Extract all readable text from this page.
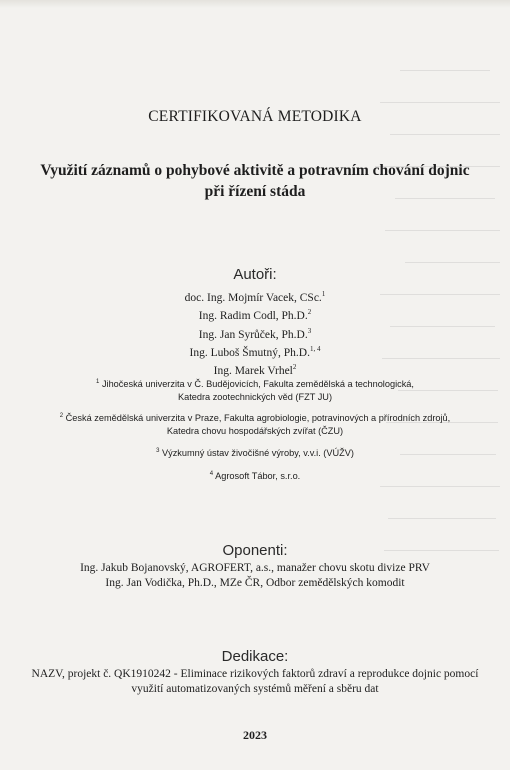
CERTIFIKOVANÁ METODIKA
Využití záznamů o pohybové aktivitě a potravním chování dojnic
při řízení stáda
Autoři:
doc. Ing. Mojmír Vacek, CSc.$^1$
Ing. Radim Codl, Ph.D.$^2$
Ing. Jan Syrůček, Ph.D.$^3$
Ing. Luboš Šmutný, Ph.D.$^{1, 4}$
Ing. Marek Vrhel$^2$
$^1$ Jihočeská univerzita v Č. Budějovicích, Fakulta zemědělská a technologická,
Katedra zootechnických věd (FZT JU)
$^2$ Česká zemědělská univerzita v Praze, Fakulta agrobiologie, potravinových a přírodních zdrojů,
Katedra chovu hospodářských zvířat (ČZU)
$^3$ Výzkumný ústav živočišné výroby, v.v.i. (VÚŽV)
$^4$ Agrosoft Tábor, s.r.o.
Oponenti:
Ing. Jakub Bojanovský, AGROFERT, a.s., manažer chovu skotu divize PRV
Ing. Jan Vodička, Ph.D., MZe ČR, Odbor zemědělských komodit
Dedikace:
NAZV, projekt č. QK1910242 - Eliminace rizikových faktorů zdraví a reprodukce dojnic pomocí
využití automatizovaných systémů měření a sběru dat
2023
